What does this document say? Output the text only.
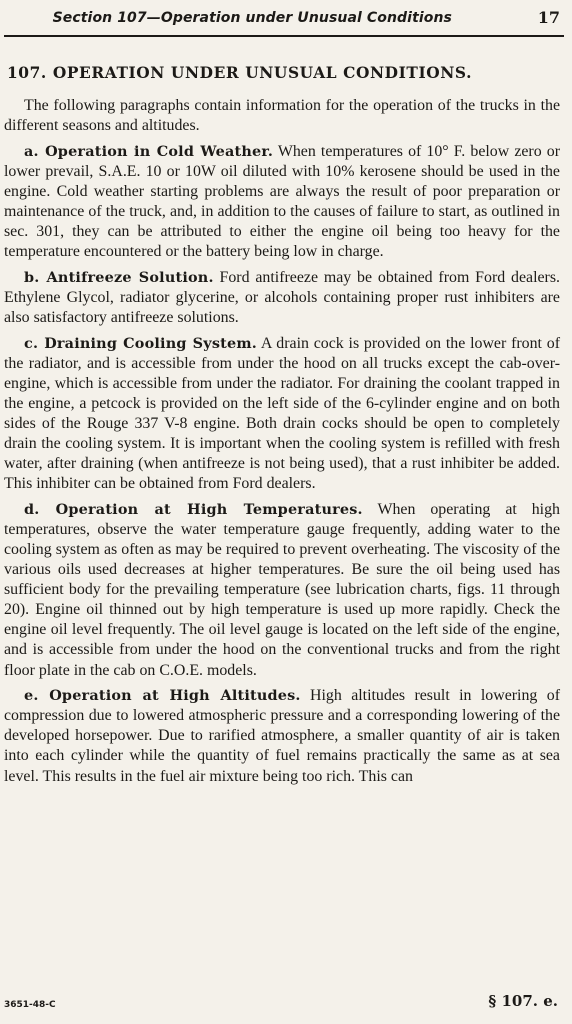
Section 107—Operation under Unusual Conditions	17
107. OPERATION UNDER UNUSUAL CONDITIONS.

The following paragraphs contain information for the operation of the trucks in the different seasons and altitudes.

a. Operation in Cold Weather. When temperatures of 10° F. below zero or lower prevail, S.A.E. 10 or 10W oil diluted with 10% kerosene should be used in the engine. Cold weather starting problems are always the result of poor preparation or maintenance of the truck, and, in addition to the causes of failure to start, as outlined in sec. 301, they can be attributed to either the engine oil being too heavy for the temperature encountered or the battery being low in charge.

b. Antifreeze Solution. Ford antifreeze may be obtained from Ford dealers. Ethylene Glycol, radiator glycerine, or alcohols containing proper rust inhibiters are also satisfactory antifreeze solutions.

c. Draining Cooling System. A drain cock is provided on the lower front of the radiator, and is accessible from under the hood on all trucks except the cab-over-engine, which is accessible from under the radiator. For draining the coolant trapped in the engine, a petcock is provided on the left side of the 6-cylinder engine and on both sides of the Rouge 337 V-8 engine. Both drain cocks should be open to completely drain the cooling system. It is important when the cooling system is refilled with fresh water, after draining (when antifreeze is not being used), that a rust inhibiter be added. This inhibiter can be obtained from Ford dealers.

d. Operation at High Temperatures. When operating at high temperatures, observe the water temperature gauge frequently, adding water to the cooling system as often as may be required to prevent overheating. The viscosity of the various oils used decreases at higher temperatures. Be sure the oil being used has sufficient body for the prevailing temperature (see lubrication charts, figs. 11 through 20). Engine oil thinned out by high temperature is used up more rapidly. Check the engine oil level frequently. The oil level gauge is located on the left side of the engine, and is accessible from under the hood on the conventional trucks and from the right floor plate in the cab on C.O.E. models.

e. Operation at High Altitudes. High altitudes result in lowering of compression due to lowered atmospheric pressure and a corresponding lowering of the developed horsepower. Due to rarified atmosphere, a smaller quantity of air is taken into each cylinder while the quantity of fuel remains practically the same as at sea level. This results in the fuel air mixture being too rich. This can

3651-48-C	§ 107. e.
